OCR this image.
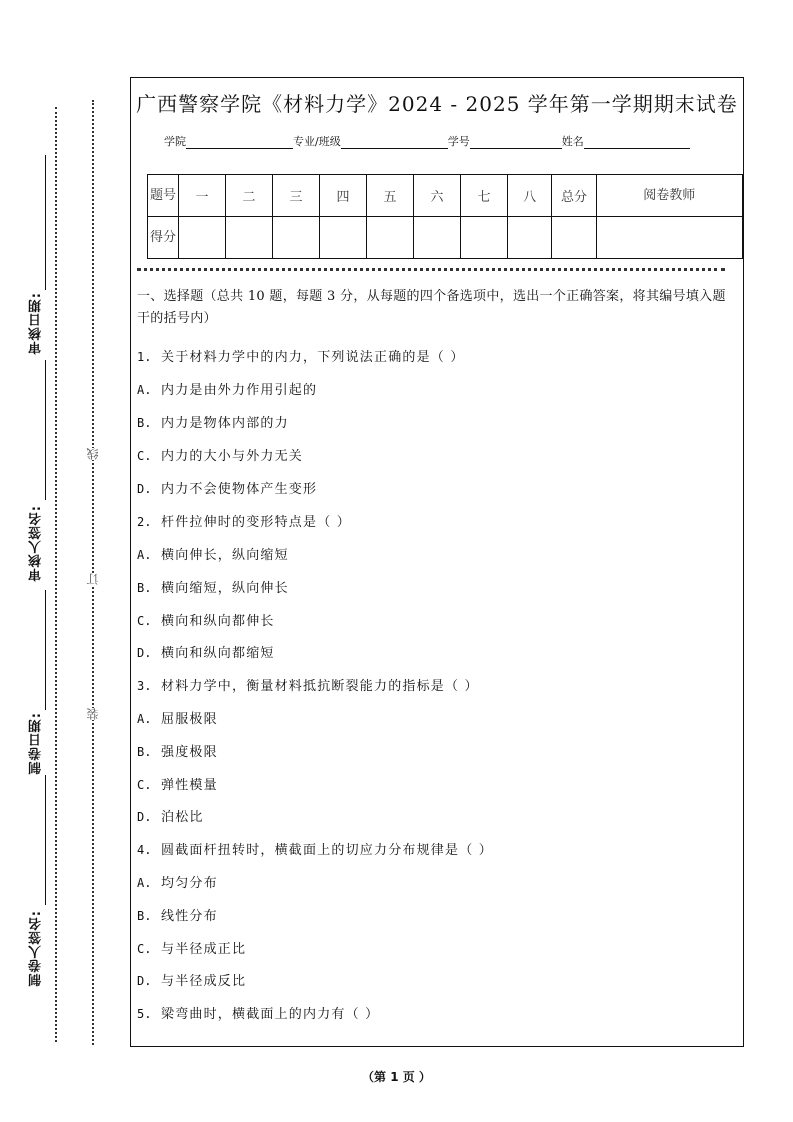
审核日期:
审核人签名:
制卷日期:
制卷人签名:
线
订
装
广西警察学院《材料力学》2024 - 2025 学年第一学期期末试卷
学院	专业/班级	学号	姓名
题号	一	二	三	四	五	六	七	八	总分	阅卷教师
得分										
一、选择题（总共 10 题，每题 3 分，从每题的四个备选项中，选出一个正确答案，将其编号填入题干的括号内）
1. 关于材料力学中的内力，下列说法正确的是（ ）
A. 内力是由外力作用引起的
B. 内力是物体内部的力
C. 内力的大小与外力无关
D. 内力不会使物体产生变形
2. 杆件拉伸时的变形特点是（ ）
A. 横向伸长，纵向缩短
B. 横向缩短，纵向伸长
C. 横向和纵向都伸长
D. 横向和纵向都缩短
3. 材料力学中，衡量材料抵抗断裂能力的指标是（ ）
A. 屈服极限
B. 强度极限
C. 弹性模量
D. 泊松比
4. 圆截面杆扭转时，横截面上的切应力分布规律是（ ）
A. 均匀分布
B. 线性分布
C. 与半径成正比
D. 与半径成反比
5. 梁弯曲时，横截面上的内力有（ ）
（第 1 页 ）
